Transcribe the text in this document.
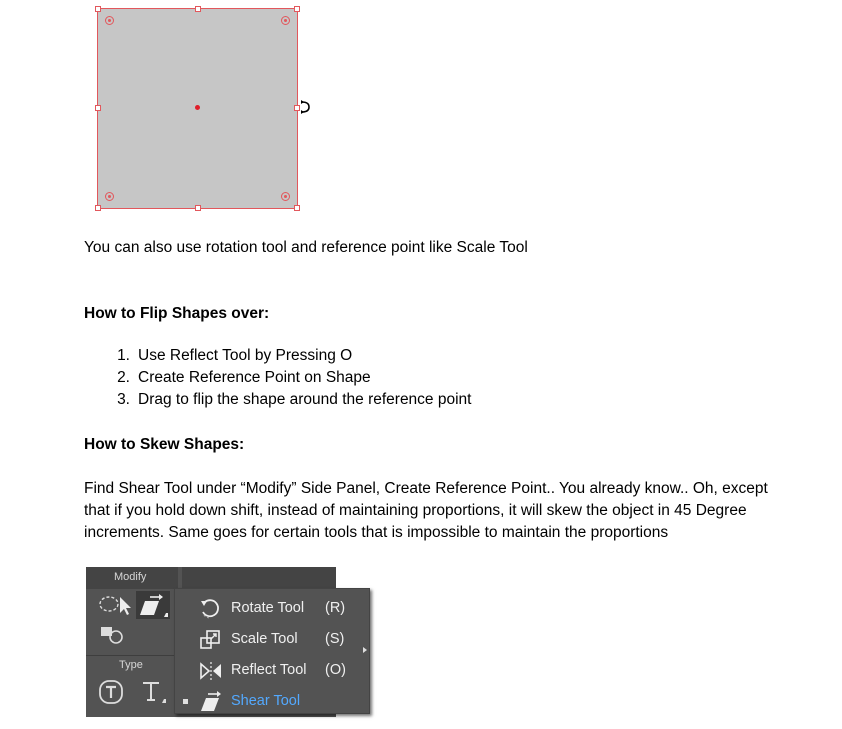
You can also use rotation tool and reference point like Scale Tool

How to Flip Shapes over:
1. Use Reflect Tool by Pressing O
2. Create Reference Point on Shape
3. Drag to flip the shape around the reference point
How to Skew Shapes:

Find Shear Tool under “Modify” Side Panel, Create Reference Point.. You already know.. Oh, except that if you hold down shift, instead of maintaining proportions, it will skew the object in 45 Degree increments. Same goes for certain tools that is impossible to maintain the proportions

Modify
Type
Rotate Tool (R)
Scale Tool (S)
Reflect Tool (O)
Shear Tool
